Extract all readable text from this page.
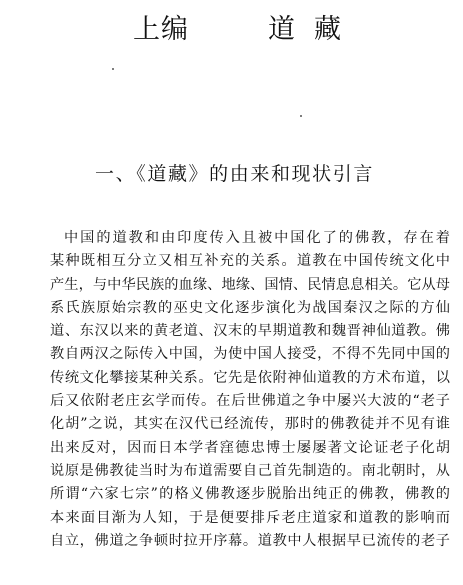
上编	道藏
一、《道藏》的由来和现状引言
中国的道教和由印度传入且被中国化了的佛教，存在着
某种既相互分立又相互补充的关系。道教在中国传统文化中
产生，与中华民族的血缘、地缘、国情、民情息息相关。它从母
系氏族原始宗教的巫史文化逐步演化为战国秦汉之际的方仙
道、东汉以来的黄老道、汉末的早期道教和魏晋神仙道教。佛
教自两汉之际传入中国，为使中国人接受，不得不先同中国的
传统文化攀接某种关系。它先是依附神仙道教的方术布道，以
后又依附老庄玄学而传。在后世佛道之争中屡兴大波的“老子
化胡”之说，其实在汉代已经流传，那时的佛教徒并不见有谁
出来反对，因而日本学者窪德忠博士屡屡著文论证老子化胡
说原是佛教徒当时为布道需要自己首先制造的。南北朝时，从
所谓“六家七宗”的格义佛教逐步脱胎出纯正的佛教，佛教的
本来面目渐为人知，于是便要排斥老庄道家和道教的影响而
自立，佛道之争顿时拉开序幕。道教中人根据早已流传的老子
